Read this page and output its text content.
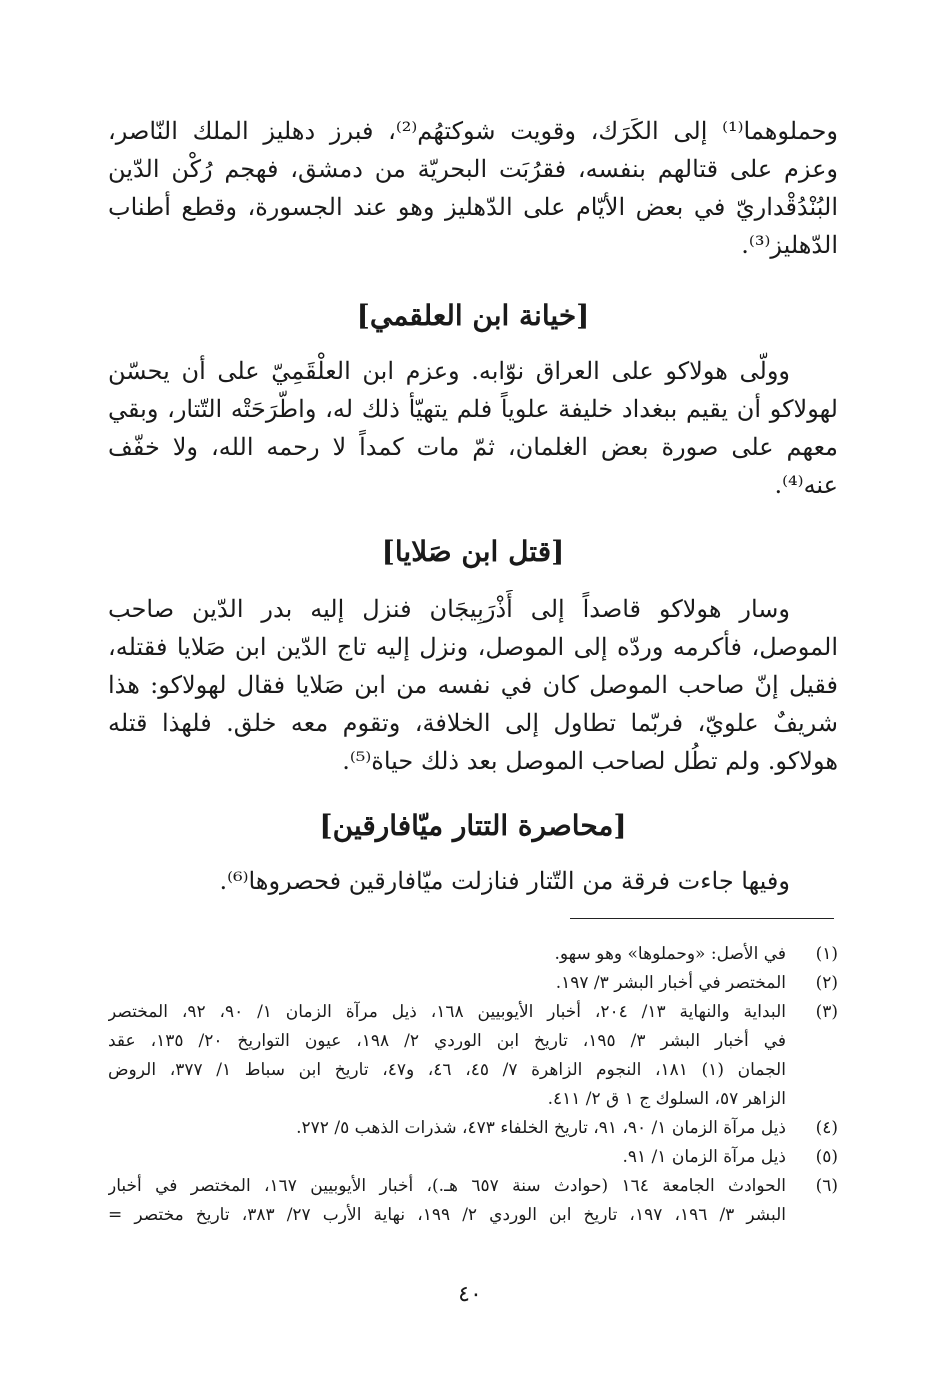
وحملوهما⁽¹⁾ إلى الكَرَك، وقويت شوكتهُم⁽²⁾، فبرز دهليز الملك النّاصر،
وعزم على قتالهم بنفسه، فقرُبَت البحريّة من دمشق، فهجم رُكْن الدّين
البُنْدُقْداريّ في بعض الأيّام على الدّهليز وهو عند الجسورة، وقطع أطناب
الدّهليز⁽³⁾.
[خيانة ابن العلقمي]
وولّى هولاكو على العراق نوّابه. وعزم ابن العلْقَمِيّ على أن يحسّن
لهولاكو أن يقيم ببغداد خليفة علوياً فلم يتهيّأ ذلك له، واطّرَحَتْه التّتار، وبقي
معهم على صورة بعض الغلمان، ثمّ مات كمداً لا رحمه الله، ولا خفّف
عنه⁽⁴⁾.
[قتل ابن صَلايا]
وسار هولاكو قاصداً إلى أَذْرَبِيجَان فنزل إليه بدر الدّين صاحب
الموصل، فأكرمه وردّه إلى الموصل، ونزل إليه تاج الدّين ابن صَلايا فقتله،
فقيل إنّ صاحب الموصل كان في نفسه من ابن صَلايا فقال لهولاكو: هذا
شريفٌ علويّ، فربّما تطاول إلى الخلافة، وتقوم معه خلق. فلهذا قتله
هولاكو. ولم تطُل لصاحب الموصل بعد ذلك حياة⁽⁵⁾.
[محاصرة التتار ميّافارقين]
وفيها جاءت فرقة من التّتار فنازلت ميّافارقين فحصروها⁽⁶⁾.
(١)
في الأصل: «وحملوها» وهو سهو.
(٢)
المختصر في أخبار البشر ٣/ ١٩٧.
(٣)
البداية والنهاية ١٣/ ٢٠٤، أخبار الأيوبيين ١٦٨، ذيل مرآة الزمان ١/ ٩٠، ٩٢، المختصر
في أخبار البشر ٣/ ١٩٥، تاريخ ابن الوردي ٢/ ١٩٨، عيون التواريخ ٢٠/ ١٣٥، عقد
الجمان (١) ١٨١، النجوم الزاهرة ٧/ ٤٥، ٤٦، و٤٧، تاريخ ابن سباط ١/ ٣٧٧، الروض
الزاهر ٥٧، السلوك ج ١ ق ٢/ ٤١١.
(٤)
ذيل مرآة الزمان ١/ ٩٠، ٩١، تاريخ الخلفاء ٤٧٣، شذرات الذهب ٥/ ٢٧٢.
(٥)
ذيل مرآة الزمان ١/ ٩١.
(٦)
الحوادث الجامعة ١٦٤ (حوادث سنة ٦٥٧ هـ.)، أخبار الأيوبيين ١٦٧، المختصر في أخبار
البشر ٣/ ١٩٦، ١٩٧، تاريخ ابن الوردي ٢/ ١٩٩، نهاية الأرب ٢٧/ ٣٨٣، تاريخ مختصر =
٤٠
